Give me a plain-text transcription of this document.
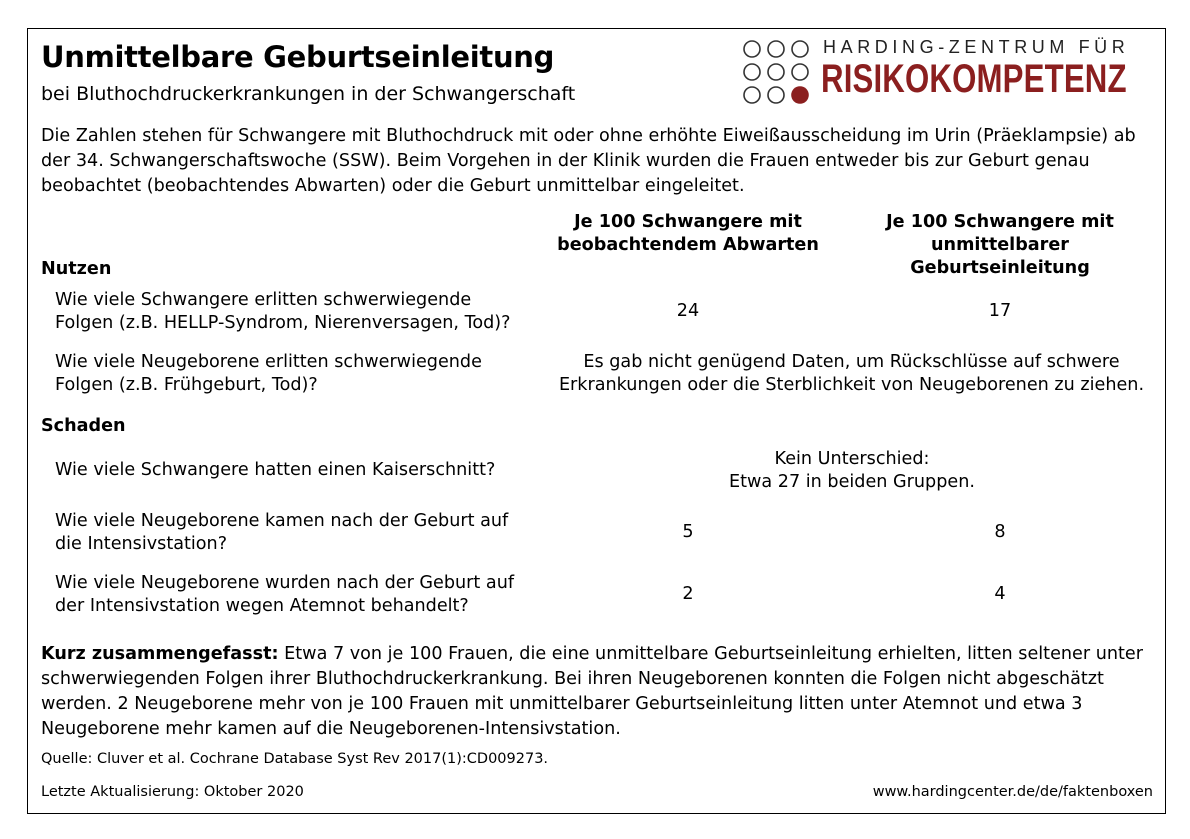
Unmittelbare Geburtseinleitung
bei Bluthochdruckerkrankungen in der Schwangerschaft
HARDING-ZENTRUM FÜR
RISIKOKOMPETENZ
Die Zahlen stehen für Schwangere mit Bluthochdruck mit oder ohne erhöhte Eiweißausscheidung im Urin (Präeklampsie) ab der 34. Schwangerschaftswoche (SSW). Beim Vorgehen in der Klinik wurden die Frauen entweder bis zur Geburt genau beobachtet (beobachtendes Abwarten) oder die Geburt unmittelbar eingeleitet.
Je 100 Schwangere mit
beobachtendem Abwarten
Je 100 Schwangere mit
unmittelbarer Geburtseinleitung
Nutzen
Wie viele Schwangere erlitten schwerwiegende
Folgen (z.B. HELLP-Syndrom, Nierenversagen, Tod)?
24	17
Wie viele Neugeborene erlitten schwerwiegende
Folgen (z.B. Frühgeburt, Tod)?
Es gab nicht genügend Daten, um Rückschlüsse auf schwere
Erkrankungen oder die Sterblichkeit von Neugeborenen zu ziehen.
Schaden
Wie viele Schwangere hatten einen Kaiserschnitt?
Kein Unterschied:
Etwa 27 in beiden Gruppen.
Wie viele Neugeborene kamen nach der Geburt auf
die Intensivstation?
5	8
Wie viele Neugeborene wurden nach der Geburt auf
der Intensivstation wegen Atemnot behandelt?
2	4
Kurz zusammengefasst: Etwa 7 von je 100 Frauen, die eine unmittelbare Geburtseinleitung erhielten, litten seltener unter schwerwiegenden Folgen ihrer Bluthochdruckerkrankung. Bei ihren Neugeborenen konnten die Folgen nicht abgeschätzt werden. 2 Neugeborene mehr von je 100 Frauen mit unmittelbarer Geburtseinleitung litten unter Atemnot und etwa 3 Neugeborene mehr kamen auf die Neugeborenen-Intensivstation.
Quelle: Cluver et al. Cochrane Database Syst Rev 2017(1):CD009273.
Letzte Aktualisierung: Oktober 2020	www.hardingcenter.de/de/faktenboxen
